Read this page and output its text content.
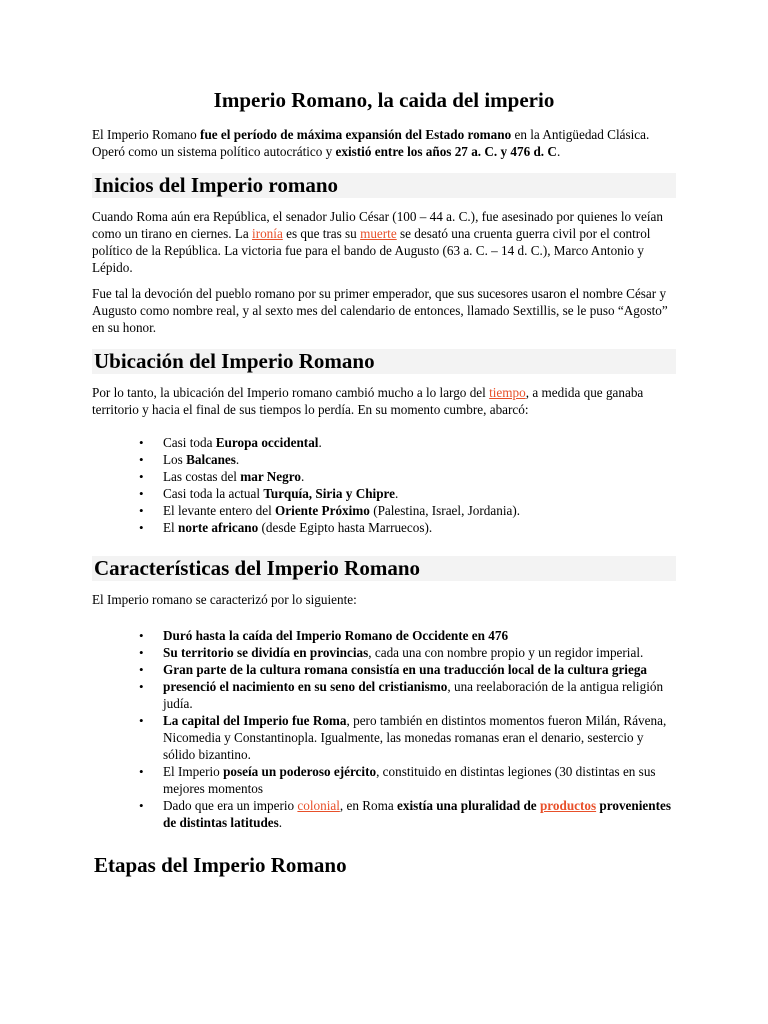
Imperio Romano, la caida del imperio

El Imperio Romano fue el período de máxima expansión del Estado romano en la Antigüedad Clásica. Operó como un sistema político autocrático y existió entre los años 27 a. C. y 476 d. C.

Inicios del Imperio romano

Cuando Roma aún era República, el senador Julio César (100 – 44 a. C.), fue asesinado por quienes lo veían como un tirano en ciernes. La ironía es que tras su muerte se desató una cruenta guerra civil por el control político de la República. La victoria fue para el bando de Augusto (63 a. C. – 14 d. C.), Marco Antonio y Lépido.

Fue tal la devoción del pueblo romano por su primer emperador, que sus sucesores usaron el nombre César y Augusto como nombre real, y al sexto mes del calendario de entonces, llamado Sextillis, se le puso “Agosto” en su honor.

Ubicación del Imperio Romano

Por lo tanto, la ubicación del Imperio romano cambió mucho a lo largo del tiempo, a medida que ganaba territorio y hacia el final de sus tiempos lo perdía. En su momento cumbre, abarcó:

• Casi toda Europa occidental.
• Los Balcanes.
• Las costas del mar Negro.
• Casi toda la actual Turquía, Siria y Chipre.
• El levante entero del Oriente Próximo (Palestina, Israel, Jordania).
• El norte africano (desde Egipto hasta Marruecos).
Características del Imperio Romano

El Imperio romano se caracterizó por lo siguiente:

• Duró hasta la caída del Imperio Romano de Occidente en 476
• Su territorio se dividía en provincias, cada una con nombre propio y un regidor imperial.
• Gran parte de la cultura romana consistía en una traducción local de la cultura griega
• presenció el nacimiento en su seno del cristianismo, una reelaboración de la antigua religión judía.
• La capital del Imperio fue Roma, pero también en distintos momentos fueron Milán, Rávena, Nicomedia y Constantinopla. Igualmente, las monedas romanas eran el denario, sestercio y sólido bizantino.
• El Imperio poseía un poderoso ejército, constituido en distintas legiones (30 distintas en sus mejores momentos
• Dado que era un imperio colonial, en Roma existía una pluralidad de productos provenientes de distintas latitudes.
Etapas del Imperio Romano
